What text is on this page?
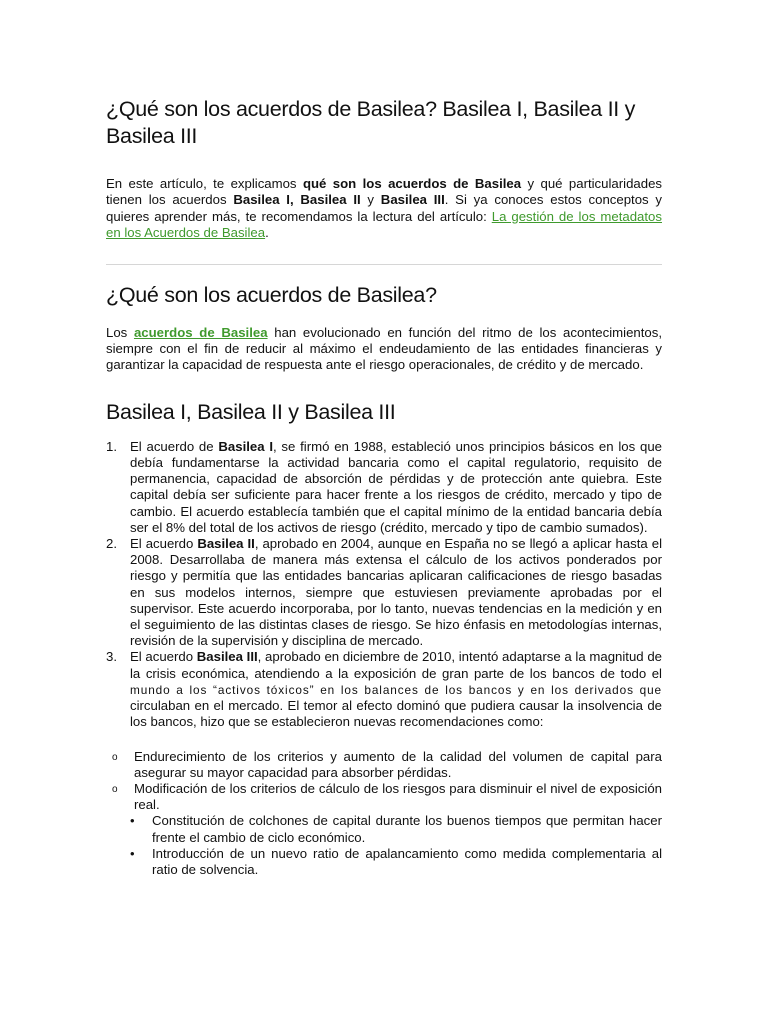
¿Qué son los acuerdos de Basilea? Basilea I, Basilea II y Basilea III

En este artículo, te explicamos qué son los acuerdos de Basilea y qué particularidades tienen los acuerdos Basilea I, Basilea II y Basilea III. Si ya conoces estos conceptos y quieres aprender más, te recomendamos la lectura del artículo: La gestión de los metadatos en los Acuerdos de Basilea.

¿Qué son los acuerdos de Basilea?

Los acuerdos de Basilea han evolucionado en función del ritmo de los acontecimientos, siempre con el fin de reducir al máximo el endeudamiento de las entidades financieras y garantizar la capacidad de respuesta ante el riesgo operacionales, de crédito y de mercado.

Basilea I, Basilea II y Basilea III
1. El acuerdo de Basilea I, se firmó en 1988, estableció unos principios básicos en los que debía fundamentarse la actividad bancaria como el capital regulatorio, requisito de permanencia, capacidad de absorción de pérdidas y de protección ante quiebra. Este capital debía ser suficiente para hacer frente a los riesgos de crédito, mercado y tipo de cambio. El acuerdo establecía también que el capital mínimo de la entidad bancaria debía ser el 8% del total de los activos de riesgo (crédito, mercado y tipo de cambio sumados).
2. El acuerdo Basilea II, aprobado en 2004, aunque en España no se llegó a aplicar hasta el 2008. Desarrollaba de manera más extensa el cálculo de los activos ponderados por riesgo y permitía que las entidades bancarias aplicaran calificaciones de riesgo basadas en sus modelos internos, siempre que estuviesen previamente aprobadas por el supervisor. Este acuerdo incorporaba, por lo tanto, nuevas tendencias en la medición y en el seguimiento de las distintas clases de riesgo. Se hizo énfasis en metodologías internas, revisión de la supervisión y disciplina de mercado.
3. El acuerdo Basilea III, aprobado en diciembre de 2010, intentó adaptarse a la magnitud de la crisis económica, atendiendo a la exposición de gran parte de los bancos de todo el mundo a los “activos tóxicos” en los balances de los bancos y en los derivados que circulaban en el mercado. El temor al efecto dominó que pudiera causar la insolvencia de los bancos, hizo que se establecieron nuevas recomendaciones como:
o Endurecimiento de los criterios y aumento de la calidad del volumen de capital para asegurar su mayor capacidad para absorber pérdidas.
o Modificación de los criterios de cálculo de los riesgos para disminuir el nivel de exposición real.
• Constitución de colchones de capital durante los buenos tiempos que permitan hacer frente el cambio de ciclo económico.
• Introducción de un nuevo ratio de apalancamiento como medida complementaria al ratio de solvencia.
